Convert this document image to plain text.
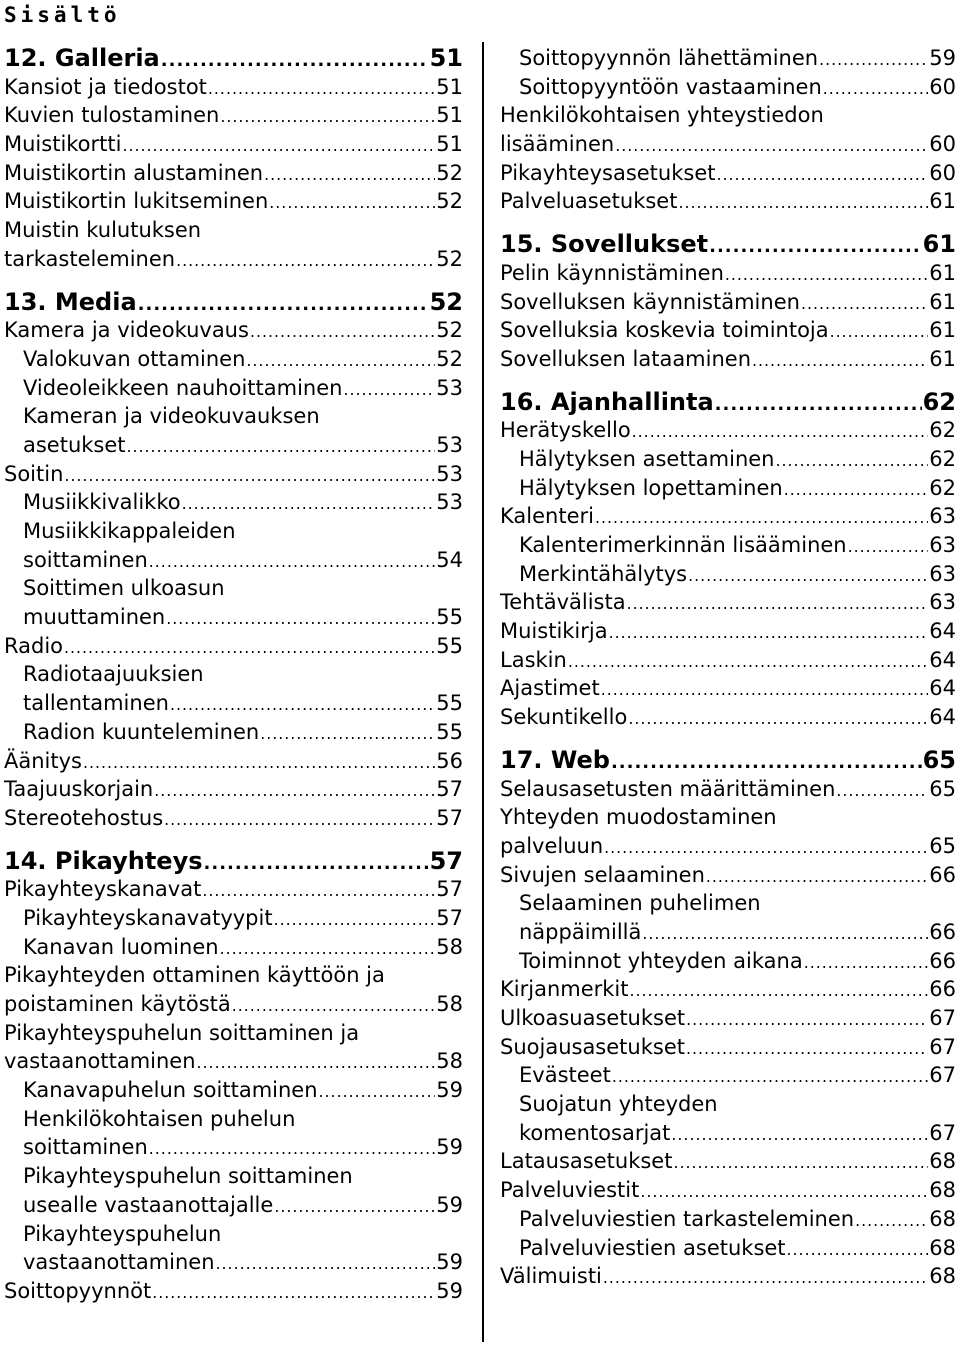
Sisältö
12. Galleria .....	51
Kansiot ja tiedostot .....	51
Kuvien tulostaminen .....	51
Muistikortti .....	51
Muistikortin alustaminen .....	52
Muistikortin lukitseminen .....	52
Muistin kulutuksen
tarkasteleminen .....	52
13. Media .....	52
Kamera ja videokuvaus .....	52
Valokuvan ottaminen .....	52
Videoleikkeen nauhoittaminen .....	53
Kameran ja videokuvauksen
asetukset .....	53
Soitin .....	53
Musiikkivalikko .....	53
Musiikkikappaleiden
soittaminen .....	54
Soittimen ulkoasun
muuttaminen .....	55
Radio .....	55
Radiotaajuuksien
tallentaminen .....	55
Radion kuunteleminen .....	55
Äänitys .....	56
Taajuuskorjain .....	57
Stereotehostus .....	57
14. Pikayhteys .....	57
Pikayhteyskanavat .....	57
Pikayhteyskanavatyypit .....	57
Kanavan luominen .....	58
Pikayhteyden ottaminen käyttöön ja
poistaminen käytöstä .....	58
Pikayhteyspuhelun soittaminen ja
vastaanottaminen .....	58
Kanavapuhelun soittaminen .....	59
Henkilökohtaisen puhelun
soittaminen .....	59
Pikayhteyspuhelun soittaminen
usealle vastaanottajalle .....	59
Pikayhteyspuhelun
vastaanottaminen .....	59
Soittopyynnöt .....	59
Soittopyynnön lähettäminen .....	59
Soittopyyntöön vastaaminen .....	60
Henkilökohtaisen yhteystiedon
lisääminen .....	60
Pikayhteysasetukset .....	60
Palveluasetukset .....	61
15. Sovellukset .....	61
Pelin käynnistäminen .....	61
Sovelluksen käynnistäminen .....	61
Sovelluksia koskevia toimintoja .....	61
Sovelluksen lataaminen .....	61
16. Ajanhallinta .....	62
Herätyskello .....	62
Hälytyksen asettaminen .....	62
Hälytyksen lopettaminen .....	62
Kalenteri .....	63
Kalenterimerkinnän lisääminen .....	63
Merkintähälytys .....	63
Tehtävälista .....	63
Muistikirja .....	64
Laskin .....	64
Ajastimet .....	64
Sekuntikello .....	64
17. Web .....	65
Selausasetusten määrittäminen .....	65
Yhteyden muodostaminen
palveluun .....	65
Sivujen selaaminen .....	66
Selaaminen puhelimen
näppäimillä .....	66
Toiminnot yhteyden aikana .....	66
Kirjanmerkit .....	66
Ulkoasuasetukset .....	67
Suojausasetukset .....	67
Evästeet .....	67
Suojatun yhteyden
komentosarjat .....	67
Latausasetukset .....	68
Palveluviestit .....	68
Palveluviestien tarkasteleminen .....	68
Palveluviestien asetukset .....	68
Välimuisti .....	68
